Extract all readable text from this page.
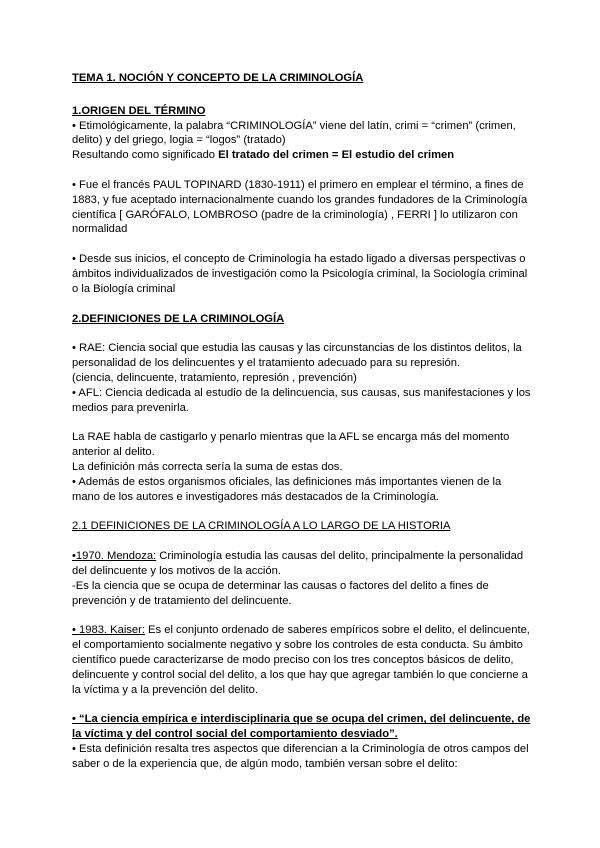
TEMA 1. NOCIÓN Y CONCEPTO DE LA CRIMINOLOGÍA

1.ORIGEN DEL TÉRMINO

• Etimológicamente, la palabra “CRIMINOLOGÍA” viene del latín, crimi = “crimen” (crimen, delito) y del griego, logia = “logos” (tratado)

Resultando como significado El tratado del crimen = El estudio del crimen

• Fue el francés PAUL TOPINARD (1830-1911) el primero en emplear el término, a fines de 1883, y fue aceptado internacionalmente cuando los grandes fundadores de la Criminología científica [ GARÓFALO, LOMBROSO (padre de la criminología) , FERRI ] lo utilizaron con normalidad

• Desde sus inicios, el concepto de Criminología ha estado ligado a diversas perspectivas o ámbitos individualizados de investigación como la Psicología criminal, la Sociología criminal o la Biología criminal

2.DEFINICIONES DE LA CRIMINOLOGÍA

• RAE: Ciencia social que estudia las causas y las circunstancias de los distintos delitos, la personalidad de los delincuentes y el tratamiento adecuado para su represión.

(ciencia, delincuente, tratamiento, represión , prevención)

• AFL: Ciencia dedicada al estudio de la delincuencia, sus causas, sus manifestaciones y los medios para prevenirla.

La RAE habla de castigarlo y penarlo mientras que la AFL se encarga más del momento anterior al delito.

La definición más correcta sería la suma de estas dos.

• Además de estos organismos oficiales, las definiciones más importantes vienen de la mano de los autores e investigadores más destacados de la Criminología.

2.1 DEFINICIONES DE LA CRIMINOLOGÍA A LO LARGO DE LA HISTORIA

•1970. Mendoza: Criminología estudia las causas del delito, principalmente la personalidad del delincuente y los motivos de la acción.

-Es la ciencia que se ocupa de determinar las causas o factores del delito a fines de prevención y de tratamiento del delincuente.

• 1983. Kaiser: Es el conjunto ordenado de saberes empíricos sobre el delito, el delincuente, el comportamiento socialmente negativo y sobre los controles de esta conducta. Su ámbito científico puede caracterizarse de modo preciso con los tres conceptos básicos de delito, delincuente y control social del delito, a los que hay que agregar también lo que concierne a la víctima y a la prevención del delito.

• “La ciencia empírica e interdisciplinaria que se ocupa del crimen, del delincuente, de la víctima y del control social del comportamiento desviado”.

• Esta definición resalta tres aspectos que diferencian a la Criminología de otros campos del saber o de la experiencia que, de algún modo, también versan sobre el delito:
